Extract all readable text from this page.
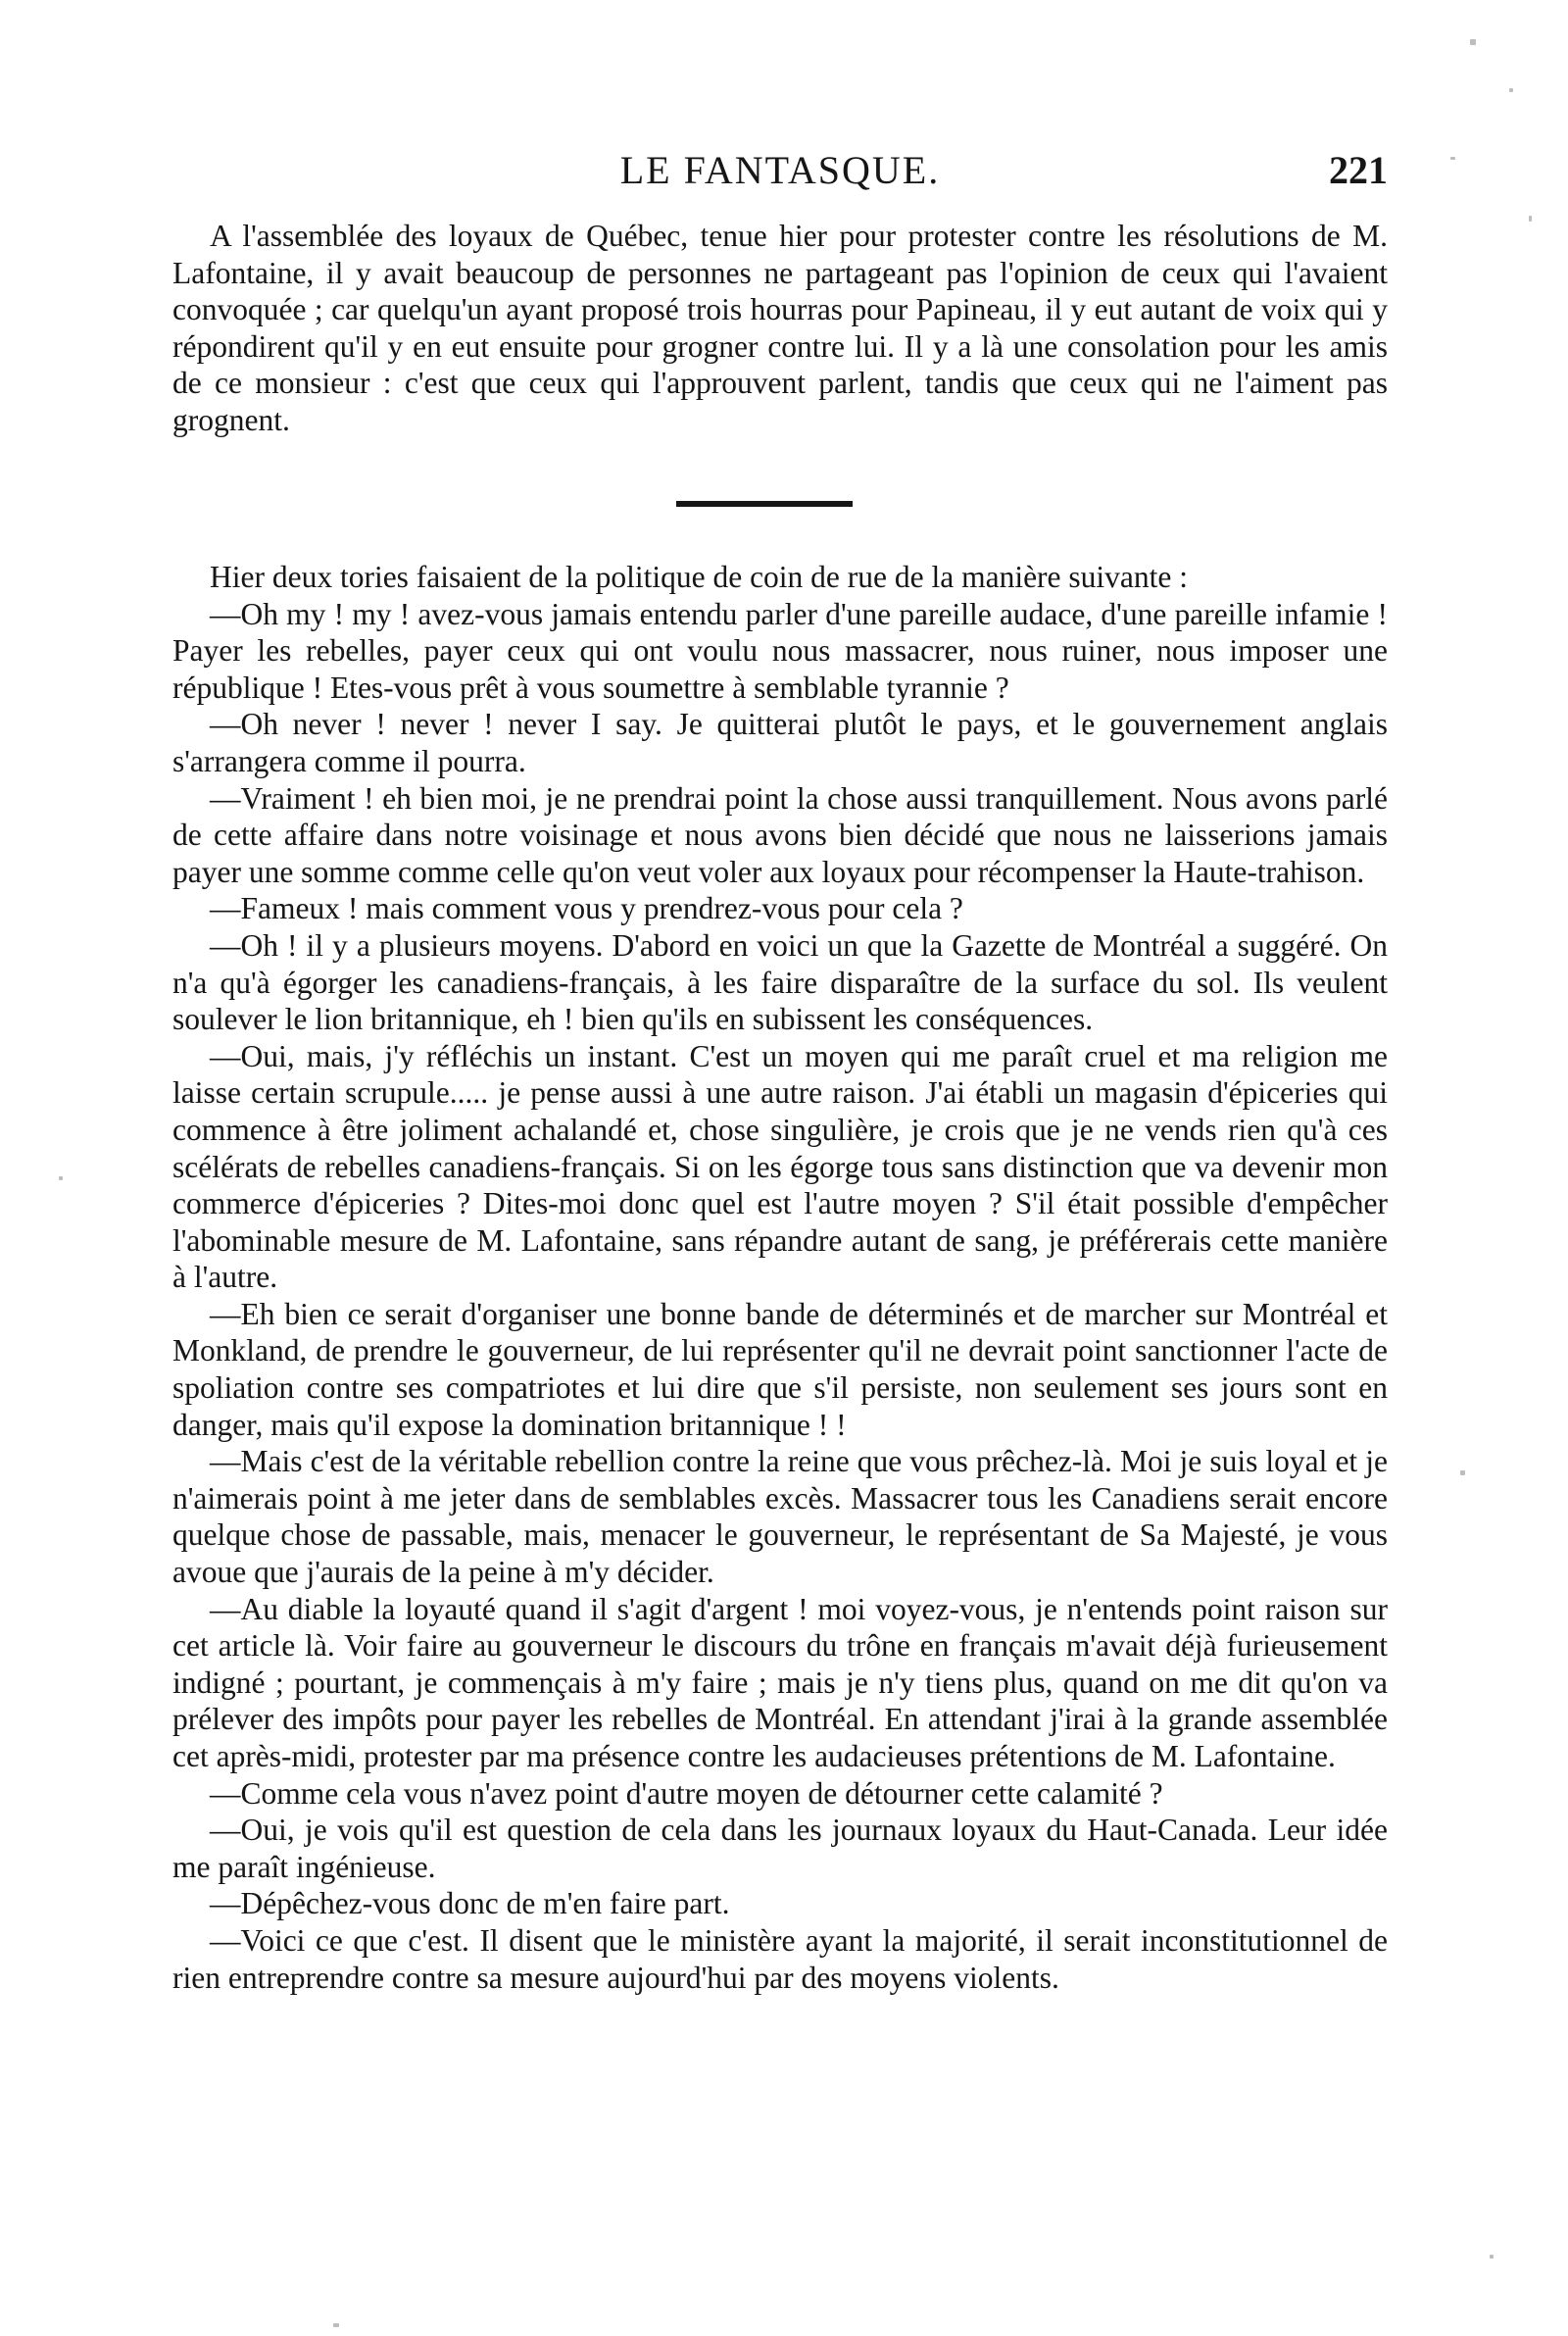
LE FANTASQUE.	221

A l'assemblée des loyaux de Québec, tenue hier pour protester contre les résolutions de M. Lafontaine, il y avait beaucoup de personnes ne partageant pas l'opinion de ceux qui l'avaient convoquée ; car quelqu'un ayant proposé trois hourras pour Papineau, il y eut autant de voix qui y répondirent qu'il y en eut ensuite pour grogner contre lui. Il y a là une consolation pour les amis de ce monsieur : c'est que ceux qui l'approuvent parlent, tandis que ceux qui ne l'aiment pas grognent.

Hier deux tories faisaient de la politique de coin de rue de la manière suivante :

—Oh my ! my ! avez-vous jamais entendu parler d'une pareille audace, d'une pareille infamie ! Payer les rebelles, payer ceux qui ont voulu nous massacrer, nous ruiner, nous imposer une république ! Etes-vous prêt à vous soumettre à semblable tyrannie ?

—Oh never ! never ! never I say. Je quitterai plutôt le pays, et le gouvernement anglais s'arrangera comme il pourra.

—Vraiment ! eh bien moi, je ne prendrai point la chose aussi tranquillement. Nous avons parlé de cette affaire dans notre voisinage et nous avons bien décidé que nous ne laisserions jamais payer une somme comme celle qu'on veut voler aux loyaux pour récompenser la Haute-trahison.

—Fameux ! mais comment vous y prendrez-vous pour cela ?

—Oh ! il y a plusieurs moyens. D'abord en voici un que la Gazette de Montréal a suggéré. On n'a qu'à égorger les canadiens-français, à les faire disparaître de la surface du sol. Ils veulent soulever le lion britannique, eh ! bien qu'ils en subissent les conséquences.

—Oui, mais, j'y réfléchis un instant. C'est un moyen qui me paraît cruel et ma religion me laisse certain scrupule..... je pense aussi à une autre raison. J'ai établi un magasin d'épiceries qui commence à être joliment achalandé et, chose singulière, je crois que je ne vends rien qu'à ces scélérats de rebelles canadiens-français. Si on les égorge tous sans distinction que va devenir mon commerce d'épiceries ? Dites-moi donc quel est l'autre moyen ? S'il était possible d'empêcher l'abominable mesure de M. Lafontaine, sans répandre autant de sang, je préférerais cette manière à l'autre.

—Eh bien ce serait d'organiser une bonne bande de déterminés et de marcher sur Montréal et Monkland, de prendre le gouverneur, de lui représenter qu'il ne devrait point sanctionner l'acte de spoliation contre ses compatriotes et lui dire que s'il persiste, non seulement ses jours sont en danger, mais qu'il expose la domination britannique ! !

—Mais c'est de la véritable rebellion contre la reine que vous prêchez-là. Moi je suis loyal et je n'aimerais point à me jeter dans de semblables excès. Massacrer tous les Canadiens serait encore quelque chose de passable, mais, menacer le gouverneur, le représentant de Sa Majesté, je vous avoue que j'aurais de la peine à m'y décider.

—Au diable la loyauté quand il s'agit d'argent ! moi voyez-vous, je n'entends point raison sur cet article là. Voir faire au gouverneur le discours du trône en français m'avait déjà furieusement indigné ; pourtant, je commençais à m'y faire ; mais je n'y tiens plus, quand on me dit qu'on va prélever des impôts pour payer les rebelles de Montréal. En attendant j'irai à la grande assemblée cet après-midi, protester par ma présence contre les audacieuses prétentions de M. Lafontaine.

—Comme cela vous n'avez point d'autre moyen de détourner cette calamité ?

—Oui, je vois qu'il est question de cela dans les journaux loyaux du Haut-Canada. Leur idée me paraît ingénieuse.

—Dépêchez-vous donc de m'en faire part.

—Voici ce que c'est. Il disent que le ministère ayant la majorité, il serait inconstitutionnel de rien entreprendre contre sa mesure aujourd'hui par des moyens violents.
